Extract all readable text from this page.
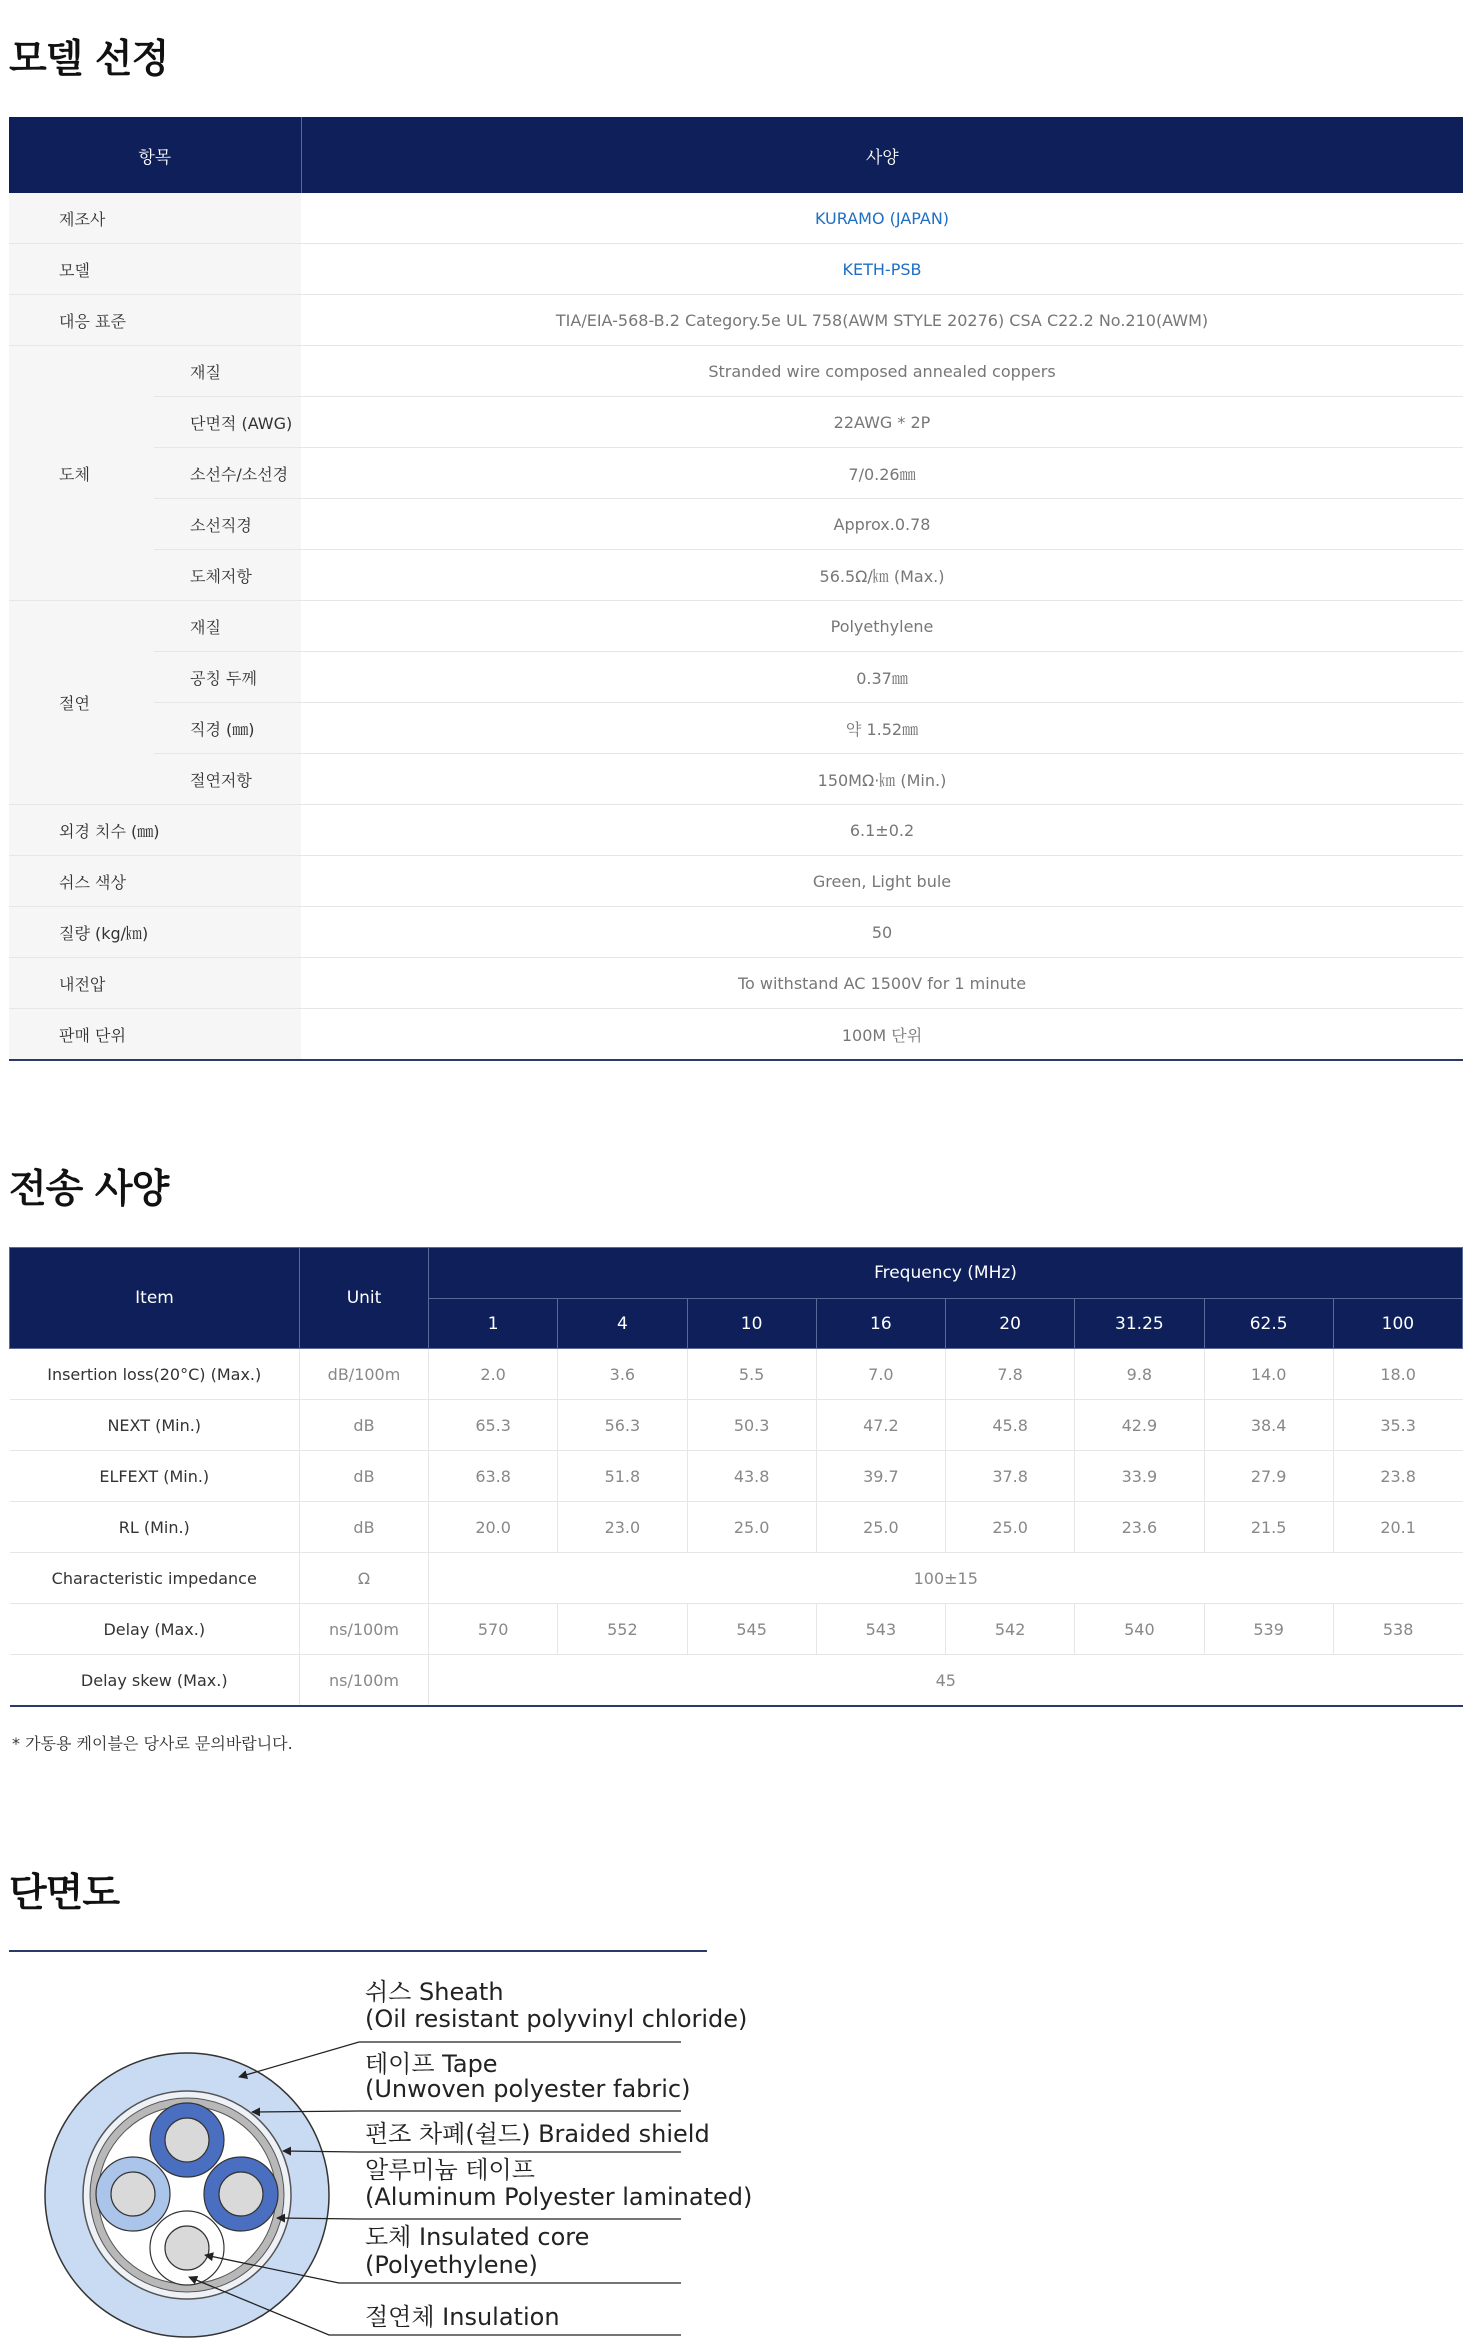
모델 선정
항목		사양
제조사		KURAMO (JAPAN)
모델		KETH-PSB
대응 표준		TIA/EIA-568-B.2 Category.5e UL 758(AWM STYLE 20276) CSA C22.2 No.210(AWM)
도체	재질	Stranded wire composed annealed coppers
	단면적 (AWG)	22AWG * 2P
	소선수/소선경	7/0.26㎜
	소선직경	Approx.0.78
	도체저항	56.5Ω/㎞ (Max.)
절연	재질	Polyethylene
	공칭 두께	0.37㎜
	직경 (㎜)	약 1.52㎜
	절연저항	150MΩ·㎞ (Min.)
외경 치수 (㎜)		6.1±0.2
쉬스 색상		Green, Light bule
질량 (kg/㎞)		50
내전압		To withstand AC 1500V for 1 minute
판매 단위		100M 단위
전송 사양
Item	Unit	Frequency (MHz)							
		1	4	10	16	20	31.25	62.5	100
Insertion loss(20°C) (Max.)	dB/100m	2.0	3.6	5.5	7.0	7.8	9.8	14.0	18.0
NEXT (Min.)	dB	65.3	56.3	50.3	47.2	45.8	42.9	38.4	35.3
ELFEXT (Min.)	dB	63.8	51.8	43.8	39.7	37.8	33.9	27.9	23.8
RL (Min.)	dB	20.0	23.0	25.0	25.0	25.0	23.6	21.5	20.1
Characteristic impedance	Ω	100±15							
Delay (Max.)	ns/100m	570	552	545	543	542	540	539	538
Delay skew (Max.)	ns/100m	45							
* 가동용 케이블은 당사로 문의바랍니다.
단면도
쉬스 Sheath
(Oil resistant polyvinyl chloride)
테이프 Tape
(Unwoven polyester fabric)
편조 차폐(쉴드) Braided shield
알루미늄 테이프
(Aluminum Polyester laminated)
도체 Insulated core
(Polyethylene)
절연체 Insulation
